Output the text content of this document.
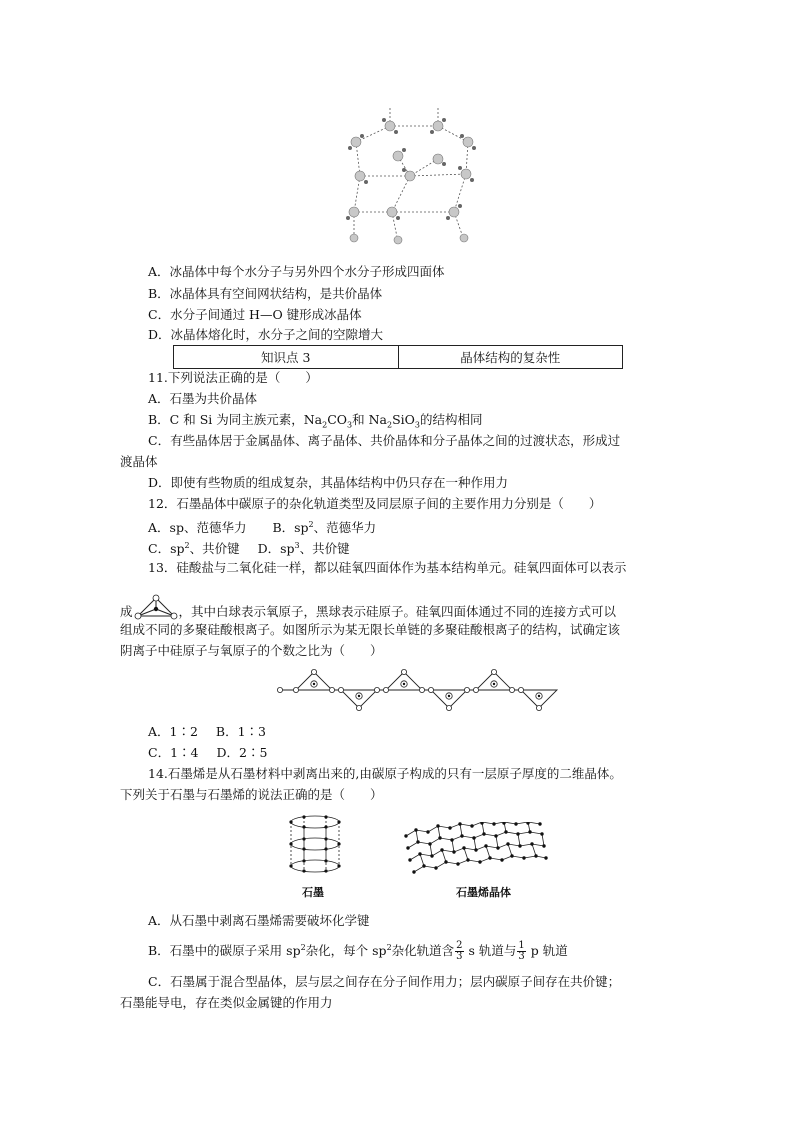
A．冰晶体中每个水分子与另外四个水分子形成四面体
B．冰晶体具有空间网状结构，是共价晶体
C．水分子间通过 H—O 键形成冰晶体
D．冰晶体熔化时，水分子之间的空隙增大
知识点 3	晶体结构的复杂性
11.下列说法正确的是（　　）
A．石墨为共价晶体
B．C 和 Si 为同主族元素，$Na_2CO_3$和 $Na_2SiO_3$的结构相同
C．有些晶体居于金属晶体、离子晶体、共价晶体和分子晶体之间的过渡状态，形成过
渡晶体
D．即使有些物质的组成复杂，其晶体结构中仍只存在一种作用力
12．石墨晶体中碳原子的杂化轨道类型及同层原子间的主要作用力分别是（　　）
A．sp、范德华力 B．$sp^2$、范德华力
C．$sp^2$、共价键 D．$sp^3$、共价键
13．硅酸盐与二氧化硅一样，都以硅氧四面体作为基本结构单元。硅氧四面体可以表示
成	，其中白球表示氧原子，黑球表示硅原子。硅氧四面体通过不同的连接方式可以
组成不同的多聚硅酸根离子。如图所示为某无限长单链的多聚硅酸根离子的结构，试确定该
阴离子中硅原子与氧原子的个数之比为（　　）
A．1∶2 B．1∶3
C．1∶4 D．2∶5
14.石墨烯是从石墨材料中剥离出来的,由碳原子构成的只有一层原子厚度的二维晶体。
下列关于石墨与石墨烯的说法正确的是（　　）
石墨	石墨烯晶体
A．从石墨中剥离石墨烯需要破坏化学键
B．石墨中的碳原子采用 $sp^2$杂化，每个 $sp^2$杂化轨道含 $\frac{2}{3}$ s 轨道与 $\frac{1}{3}$ p 轨道
C．石墨属于混合型晶体，层与层之间存在分子间作用力；层内碳原子间存在共价键；
石墨能导电，存在类似金属键的作用力
